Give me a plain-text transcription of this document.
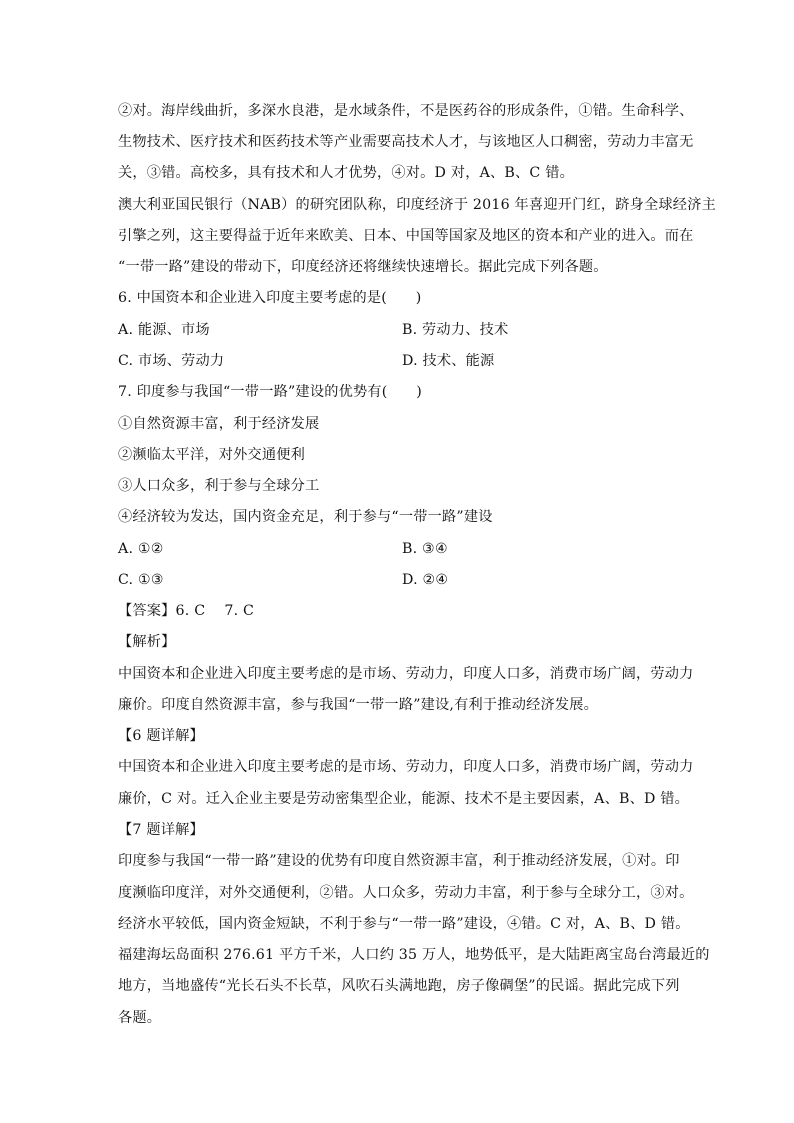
②对。海岸线曲折，多深水良港，是水域条件，不是医药谷的形成条件，①错。生命科学、
生物技术、医疗技术和医药技术等产业需要高技术人才，与该地区人口稠密，劳动力丰富无
关，③错。高校多，具有技术和人才优势，④对。D 对，A、B、C 错。
澳大利亚国民银行（NAB）的研究团队称，印度经济于 2016 年喜迎开门红，跻身全球经济主
引擎之列，这主要得益于近年来欧美、日本、中国等国家及地区的资本和产业的进入。而在
“一带一路”建设的带动下，印度经济还将继续快速增长。据此完成下列各题。
6. 中国资本和企业进入印度主要考虑的是(　　)
A. 能源、市场	B. 劳动力、技术
C. 市场、劳动力	D. 技术、能源
7. 印度参与我国“一带一路”建设的优势有(　　)
①自然资源丰富，利于经济发展
②濒临太平洋，对外交通便利
③人口众多，利于参与全球分工
④经济较为发达，国内资金充足，利于参与“一带一路”建设
A. ①②	B. ③④
C. ①③	D. ②④
【答案】6. C　 7. C
【解析】
中国资本和企业进入印度主要考虑的是市场、劳动力，印度人口多，消费市场广阔，劳动力
廉价。印度自然资源丰富，参与我国“一带一路”建设,有利于推动经济发展。
【6 题详解】
中国资本和企业进入印度主要考虑的是市场、劳动力，印度人口多，消费市场广阔，劳动力
廉价，C 对。迁入企业主要是劳动密集型企业，能源、技术不是主要因素，A、B、D 错。
【7 题详解】
印度参与我国“一带一路”建设的优势有印度自然资源丰富，利于推动经济发展，①对。印
度濒临印度洋，对外交通便利，②错。人口众多，劳动力丰富，利于参与全球分工，③对。
经济水平较低，国内资金短缺，不利于参与“一带一路”建设，④错。C 对，A、B、D 错。
福建海坛岛面积 276.61 平方千米，人口约 35 万人，地势低平，是大陆距离宝岛台湾最近的
地方，当地盛传“光长石头不长草，风吹石头满地跑，房子像碉堡”的民谣。据此完成下列
各题。
